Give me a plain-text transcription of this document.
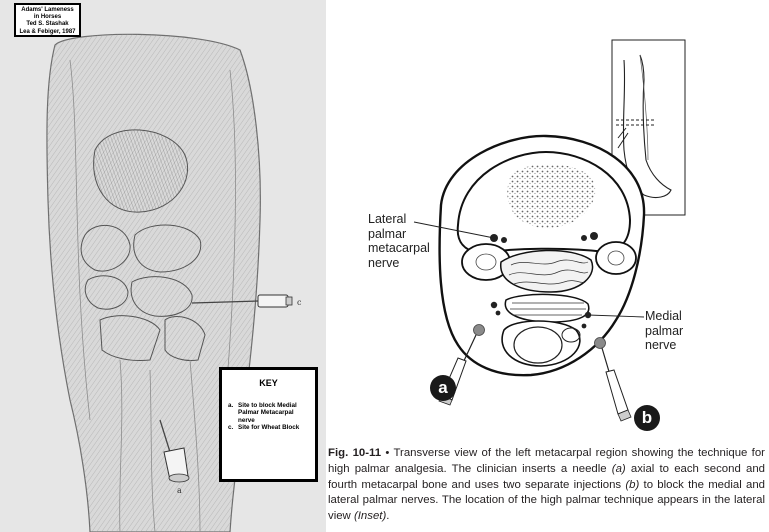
Adams' Lameness
in Horses
Ted S. Stashak
Lea & Febiger, 1987
KEY
a. Site to block Medial Palmar Metacarpal nerve
c. Site for Wheat Block
c
a
Lateral
palmar
metacarpal
nerve
Medial
palmar
nerve
a
b
Fig. 10-11 • Transverse view of the left metacarpal region showing the technique for high palmar analgesia. The clinician inserts a needle (a) axial to each second and fourth metacarpal bone and uses two separate injections (b) to block the medial and lateral palmar nerves. The location of the high palmar technique appears in the lateral view (Inset).
